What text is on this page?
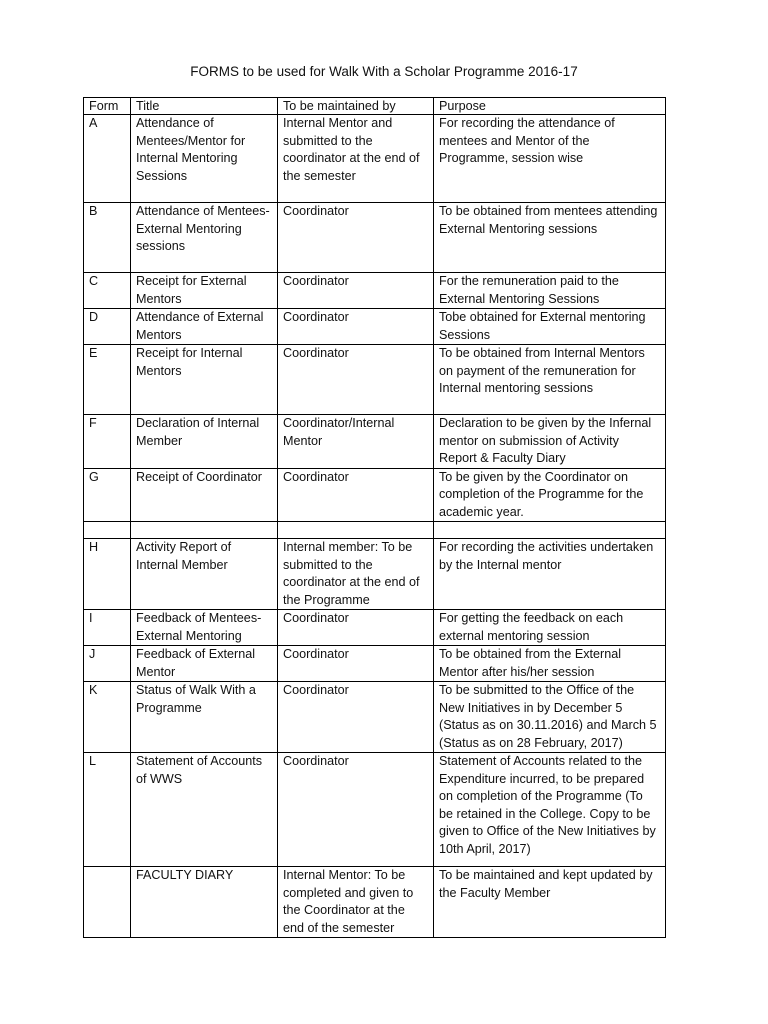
FORMS to be used for Walk With a Scholar Programme 2016-17
Form	Title	To be maintained by	Purpose
A	Attendance of Mentees/Mentor for Internal Mentoring Sessions	Internal Mentor and submitted to the coordinator at the end of the semester	For recording the attendance of mentees and Mentor of the Programme, session wise
B	Attendance of Mentees- External Mentoring sessions	Coordinator	To be obtained from mentees attending External Mentoring sessions
C	Receipt for External Mentors	Coordinator	For the remuneration paid to the External Mentoring Sessions
D	Attendance of External Mentors	Coordinator	Tobe obtained for External mentoring Sessions
E	Receipt for Internal Mentors	Coordinator	To be obtained from Internal Mentors on payment of the remuneration for Internal mentoring sessions
F	Declaration of Internal Member	Coordinator/Internal Mentor	Declaration to be given by the Infernal mentor on submission of Activity Report & Faculty Diary
G	Receipt of Coordinator	Coordinator	To be given by the Coordinator on completion of the Programme for the academic year.

H	Activity Report of Internal Member	Internal member: To be submitted to the coordinator at the end of the Programme	For recording the activities undertaken by the Internal mentor
I	Feedback of Mentees- External Mentoring	Coordinator	For getting the feedback on each external mentoring session
J	Feedback of External Mentor	Coordinator	To be obtained from the External Mentor after his/her session
K	Status of Walk With a Programme	Coordinator	To be submitted to the Office of the New Initiatives in by December 5 (Status as on 30.11.2016) and March 5 (Status as on 28 February, 2017)
L	Statement of Accounts of WWS	Coordinator	Statement of Accounts related to the Expenditure incurred, to be prepared on completion of the Programme (To be retained in the College. Copy to be given to Office of the New Initiatives by 10th April, 2017)
	FACULTY DIARY	Internal Mentor: To be completed and given to the Coordinator at the end of the semester	To be maintained and kept updated by the Faculty Member
